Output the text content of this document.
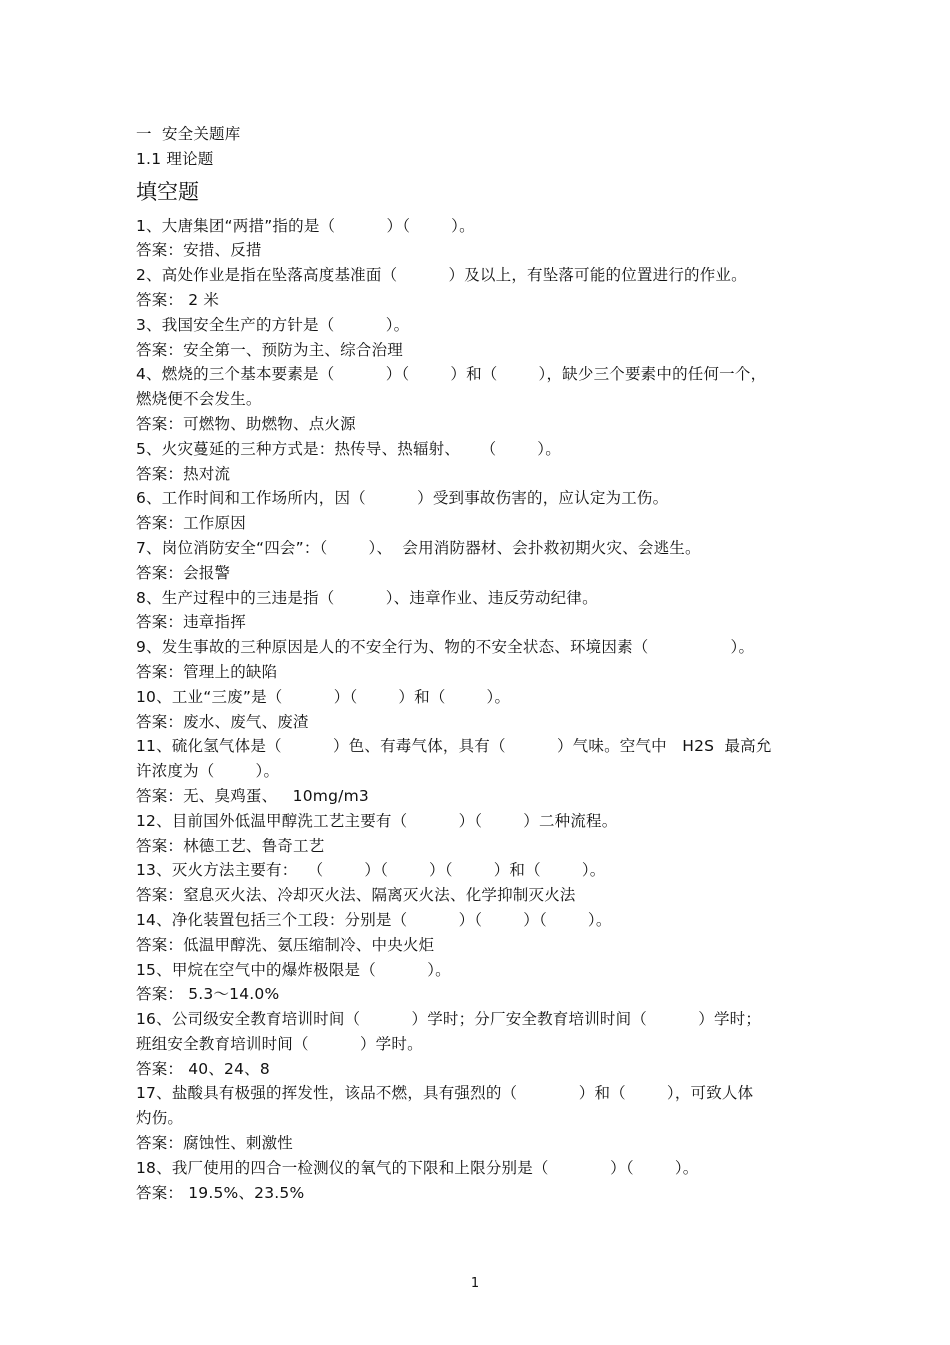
一  安全关题库
1.1 理论题
填空题
1、大唐集团“两措”指的是（          ）（        ）。
答案：安措、反措
2、高处作业是指在坠落高度基准面（          ）及以上，有坠落可能的位置进行的作业。
答案： 2 米
3、我国安全生产的方针是（          ）。
答案：安全第一、预防为主、综合治理
4、燃烧的三个基本要素是（          ）（        ）和（        ），缺少三个要素中的任何一个，
燃烧便不会发生。
答案：可燃物、助燃物、点火源
5、火灾蔓延的三种方式是：热传导、热辐射、    （        ）。
答案：热对流
6、工作时间和工作场所内，因（          ）受到事故伤害的，应认定为工伤。
答案：工作原因
7、岗位消防安全“四会”：（        ）、  会用消防器材、会扑救初期火灾、会逃生。
答案：会报警
8、生产过程中的三违是指（          ）、违章作业、违反劳动纪律。
答案：违章指挥
9、发生事故的三种原因是人的不安全行为、物的不安全状态、环境因素（                ）。
答案：管理上的缺陷
10、工业“三废”是（          ）（        ）和（        ）。
答案：废水、废气、废渣
11、硫化氢气体是（          ）色、有毒气体，具有（          ）气味。空气中   H2S  最高允
许浓度为（        ）。
答案：无、臭鸡蛋、   10mg/m3
12、目前国外低温甲醇洗工艺主要有（          ）（        ）二种流程。
答案：林德工艺、鲁奇工艺
13、灭火方法主要有：  （        ）（        ）（        ）和（        ）。
答案：窒息灭火法、冷却灭火法、隔离灭火法、化学抑制灭火法
14、净化装置包括三个工段：分别是（          ）（        ）（        ）。
答案：低温甲醇洗、氨压缩制冷、中央火炬
15、甲烷在空气中的爆炸极限是（          ）。
答案： 5.3～14.0%
16、公司级安全教育培训时间（          ）学时；分厂安全教育培训时间（          ）学时；
班组安全教育培训时间（          ）学时。
答案： 40、24、8
17、盐酸具有极强的挥发性，该品不燃，具有强烈的（            ）和（        ），可致人体
灼伤。
答案：腐蚀性、刺激性
18、我厂使用的四合一检测仪的氧气的下限和上限分别是（            ）（        ）。
答案： 19.5%、23.5%
1
